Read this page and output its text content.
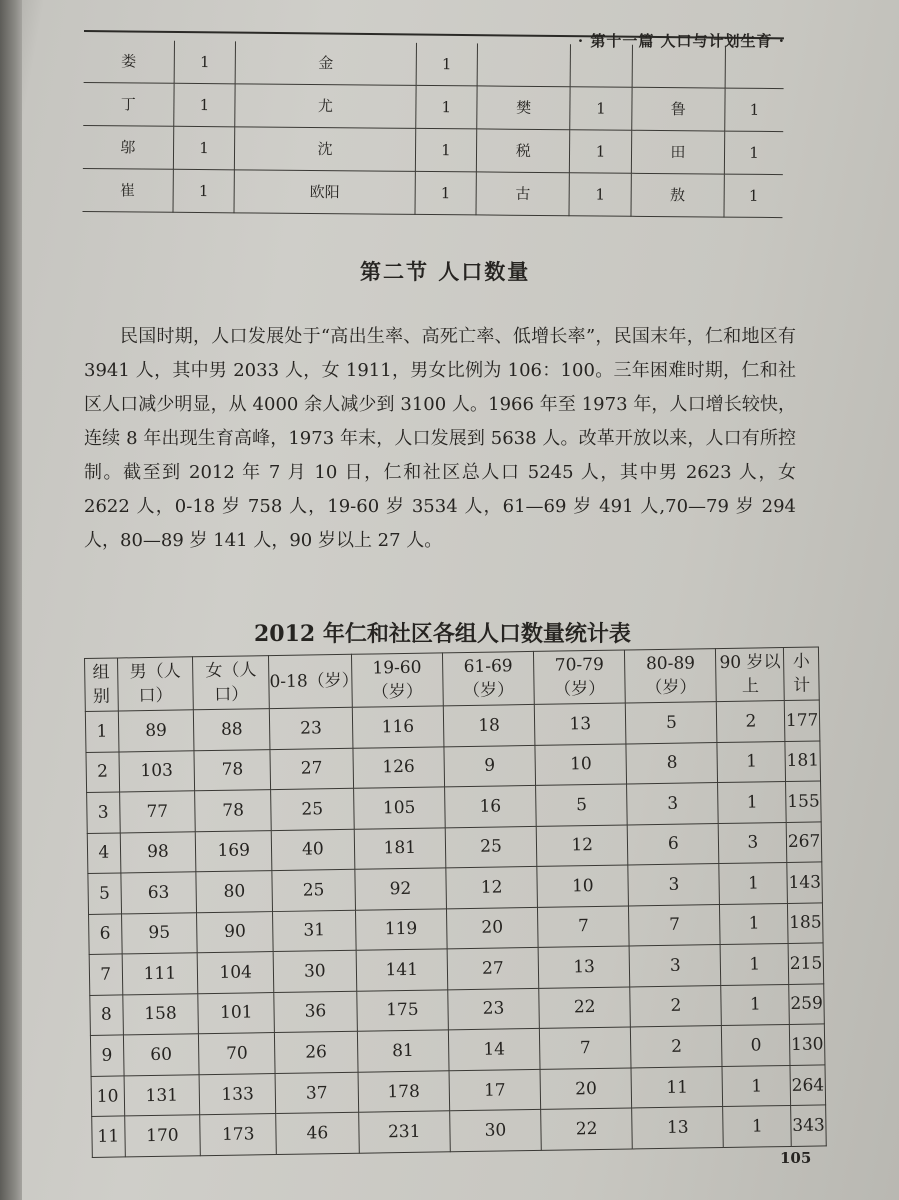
· 第十一篇 人口与计划生育 ·
娄	1	金	1				
丁	1	尤	1	樊	1	鲁	1
邬	1	沈	1	税	1	田	1
崔	1	欧阳	1	古	1	敖	1
第二节 人口数量

民国时期，人口发展处于“高出生率、高死亡率、低增长率”，民国末年，仁和地区有 3941 人，其中男 2033 人，女 1911，男女比例为 106：100。三年困难时期，仁和社区人口减少明显，从 4000 余人减少到 3100 人。1966 年至 1973 年，人口增长较快，连续 8 年出现生育高峰，1973 年末，人口发展到 5638 人。改革开放以来，人口有所控制。截至到 2012 年 7 月 10 日，仁和社区总人口 5245 人，其中男 2623 人，女 2622 人，0-18 岁 758 人，19-60 岁 3534 人，61—69 岁 491 人,70—79 岁 294 人，80—89 岁 141 人，90 岁以上 27 人。

2012 年仁和社区各组人口数量统计表
组别	男（人口）	女（人口）	0-18（岁）	19-60（岁）	61-69（岁）	70-79（岁）	80-89（岁）	90 岁以上	小计
1	89	88	23	116	18	13	5	2	177
2	103	78	27	126	9	10	8	1	181
3	77	78	25	105	16	5	3	1	155
4	98	169	40	181	25	12	6	3	267
5	63	80	25	92	12	10	3	1	143
6	95	90	31	119	20	7	7	1	185
7	111	104	30	141	27	13	3	1	215
8	158	101	36	175	23	22	2	1	259
9	60	70	26	81	14	7	2	0	130
10	131	133	37	178	17	20	11	1	264
11	170	173	46	231	30	22	13	1	343
105
